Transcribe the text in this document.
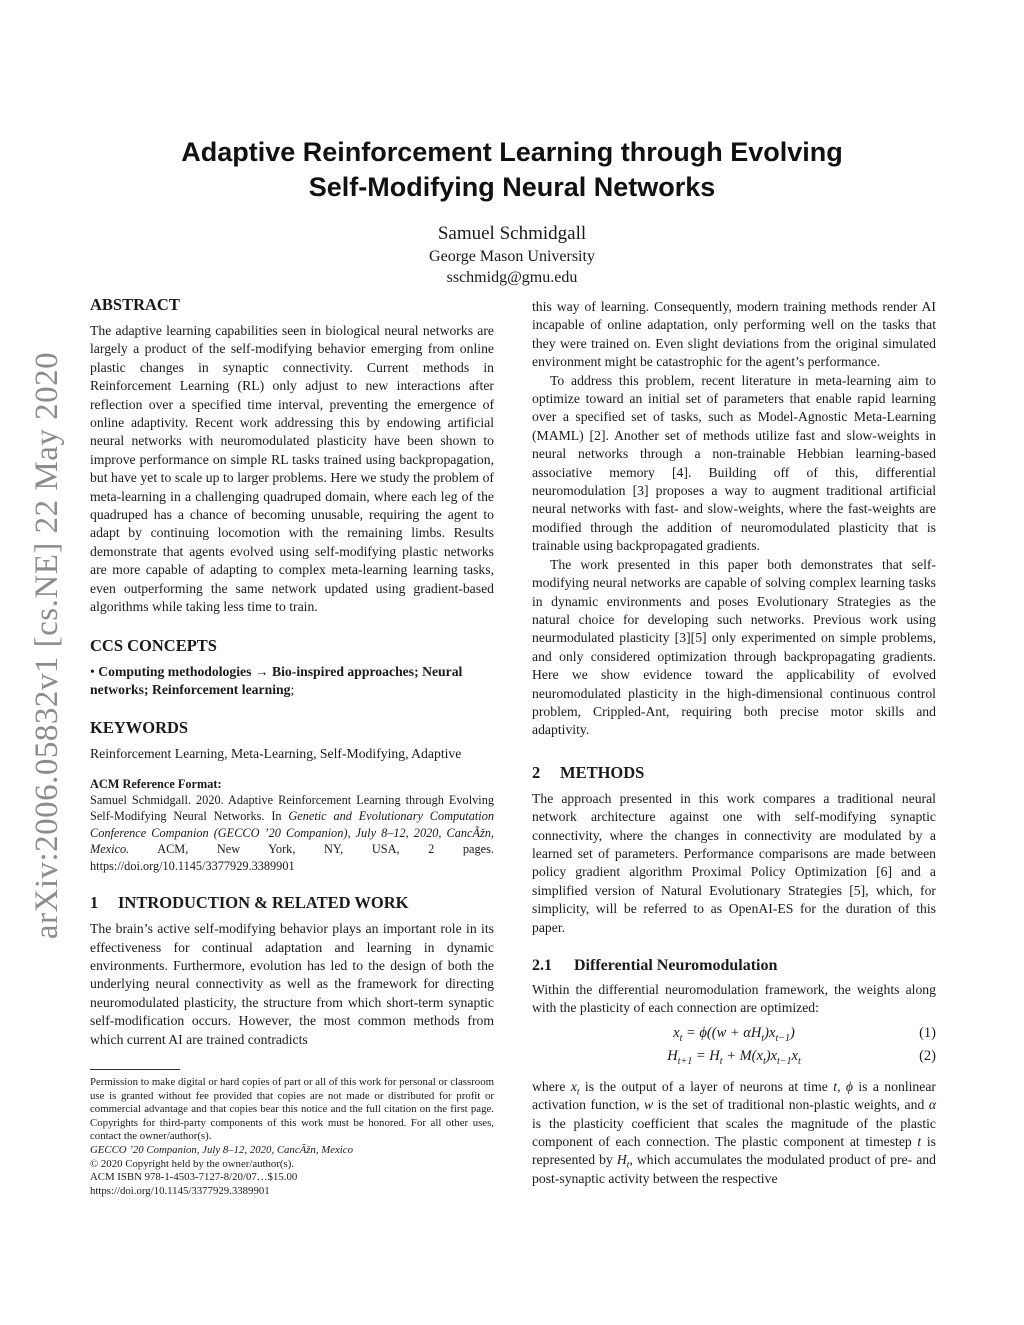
arXiv:2006.05832v1 [cs.NE] 22 May 2020
Adaptive Reinforcement Learning through Evolving
Self-Modifying Neural Networks
Samuel Schmidgall
George Mason University
sschmidg@gmu.edu
ABSTRACT

The adaptive learning capabilities seen in biological neural networks are largely a product of the self-modifying behavior emerging from online plastic changes in synaptic connectivity. Current methods in Reinforcement Learning (RL) only adjust to new interactions after reflection over a specified time interval, preventing the emergence of online adaptivity. Recent work addressing this by endowing artificial neural networks with neuromodulated plasticity have been shown to improve performance on simple RL tasks trained using backpropagation, but have yet to scale up to larger problems. Here we study the problem of meta-learning in a challenging quadruped domain, where each leg of the quadruped has a chance of becoming unusable, requiring the agent to adapt by continuing locomotion with the remaining limbs. Results demonstrate that agents evolved using self-modifying plastic networks are more capable of adapting to complex meta-learning learning tasks, even outperforming the same network updated using gradient-based algorithms while taking less time to train.

CCS CONCEPTS

• Computing methodologies → Bio-inspired approaches; Neural networks; Reinforcement learning;

KEYWORDS

Reinforcement Learning, Meta-Learning, Self-Modifying, Adaptive

ACM Reference Format:

Samuel Schmidgall. 2020. Adaptive Reinforcement Learning through Evolving Self-Modifying Neural Networks. In Genetic and Evolutionary Computation Conference Companion (GECCO ’20 Companion), July 8–12, 2020, CancÃžn, Mexico. ACM, New York, NY, USA, 2 pages. https://doi.org/10.1145/3377929.3389901

1 INTRODUCTION & RELATED WORK

The brain’s active self-modifying behavior plays an important role in its effectiveness for continual adaptation and learning in dynamic environments. Furthermore, evolution has led to the design of both the underlying neural connectivity as well as the framework for directing neuromodulated plasticity, the structure from which short-term synaptic self-modification occurs. However, the most common methods from which current AI are trained contradicts

Permission to make digital or hard copies of part or all of this work for personal or classroom use is granted without fee provided that copies are not made or distributed for profit or commercial advantage and that copies bear this notice and the full citation on the first page. Copyrights for third-party components of this work must be honored. For all other uses, contact the owner/author(s).
GECCO ’20 Companion, July 8–12, 2020, CancÃžn, Mexico
© 2020 Copyright held by the owner/author(s).
ACM ISBN 978-1-4503-7127-8/20/07…$15.00
https://doi.org/10.1145/3377929.3389901

this way of learning. Consequently, modern training methods render AI incapable of online adaptation, only performing well on the tasks that they were trained on. Even slight deviations from the original simulated environment might be catastrophic for the agent’s performance.

To address this problem, recent literature in meta-learning aim to optimize toward an initial set of parameters that enable rapid learning over a specified set of tasks, such as Model-Agnostic Meta-Learning (MAML) [2]. Another set of methods utilize fast and slow-weights in neural networks through a non-trainable Hebbian learning-based associative memory [4]. Building off of this, differential neuromodulation [3] proposes a way to augment traditional artificial neural networks with fast- and slow-weights, where the fast-weights are modified through the addition of neuromodulated plasticity that is trainable using backpropagated gradients.

The work presented in this paper both demonstrates that self-modifying neural networks are capable of solving complex learning tasks in dynamic environments and poses Evolutionary Strategies as the natural choice for developing such networks. Previous work using neurmodulated plasticity [3][5] only experimented on simple problems, and only considered optimization through backpropagating gradients. Here we show evidence toward the applicability of evolved neuromodulated plasticity in the high-dimensional continuous control problem, Crippled-Ant, requiring both precise motor skills and adaptivity.

2 METHODS

The approach presented in this work compares a traditional neural network architecture against one with self-modifying synaptic connectivity, where the changes in connectivity are modulated by a learned set of parameters. Performance comparisons are made between policy gradient algorithm Proximal Policy Optimization [6] and a simplified version of Natural Evolutionary Strategies [5], which, for simplicity, will be referred to as OpenAI-ES for the duration of this paper.

2.1 Differential Neuromodulation

Within the differential neuromodulation framework, the weights along with the plasticity of each connection are optimized:

$x_t = \phi((w + \alpha H_t)x_{t-1})$	(1)
$H_{t+1} = H_t + M(x_t)x_{t-1}x_t$	(2)

where $x_t$ is the output of a layer of neurons at time t, ϕ is a nonlinear activation function, w is the set of traditional non-plastic weights, and α is the plasticity coefficient that scales the magnitude of the plastic component of each connection. The plastic component at timestep t is represented by $H_t$, which accumulates the modulated product of pre- and post-synaptic activity between the respective
